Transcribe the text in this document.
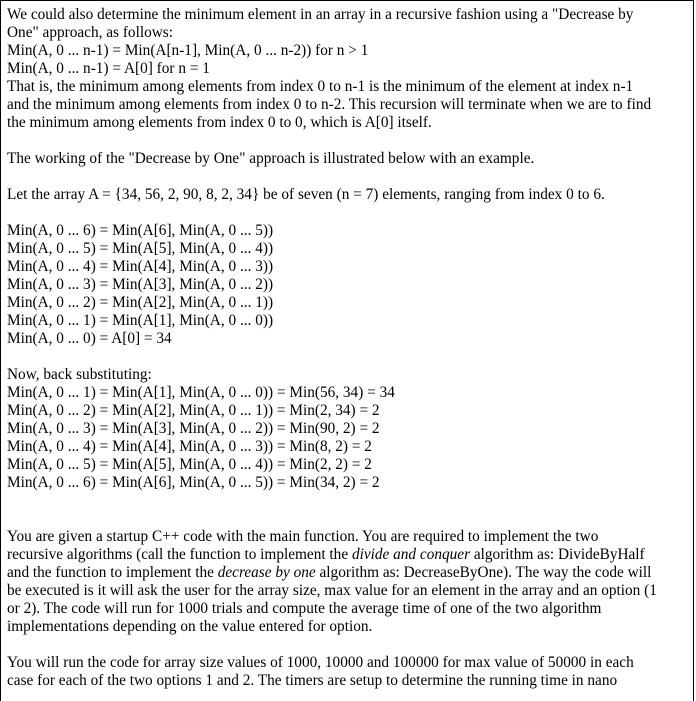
We could also determine the minimum element in an array in a recursive fashion using a "Decrease by
One" approach, as follows:
Min(A, 0 ... n-1) = Min(A[n-1], Min(A, 0 ... n-2)) for n > 1
Min(A, 0 ... n-1) = A[0] for n = 1
That is, the minimum among elements from index 0 to n-1 is the minimum of the element at index n-1
and the minimum among elements from index 0 to n-2. This recursion will terminate when we are to find
the minimum among elements from index 0 to 0, which is A[0] itself.
The working of the "Decrease by One" approach is illustrated below with an example.
Let the array A = {34, 56, 2, 90, 8, 2, 34} be of seven (n = 7) elements, ranging from index 0 to 6.
Min(A, 0 ... 6) = Min(A[6], Min(A, 0 ... 5))
Min(A, 0 ... 5) = Min(A[5], Min(A, 0 ... 4))
Min(A, 0 ... 4) = Min(A[4], Min(A, 0 ... 3))
Min(A, 0 ... 3) = Min(A[3], Min(A, 0 ... 2))
Min(A, 0 ... 2) = Min(A[2], Min(A, 0 ... 1))
Min(A, 0 ... 1) = Min(A[1], Min(A, 0 ... 0))
Min(A, 0 ... 0) = A[0] = 34
Now, back substituting:
Min(A, 0 ... 1) = Min(A[1], Min(A, 0 ... 0)) = Min(56, 34) = 34
Min(A, 0 ... 2) = Min(A[2], Min(A, 0 ... 1)) = Min(2, 34) = 2
Min(A, 0 ... 3) = Min(A[3], Min(A, 0 ... 2)) = Min(90, 2) = 2
Min(A, 0 ... 4) = Min(A[4], Min(A, 0 ... 3)) = Min(8, 2) = 2
Min(A, 0 ... 5) = Min(A[5], Min(A, 0 ... 4)) = Min(2, 2) = 2
Min(A, 0 ... 6) = Min(A[6], Min(A, 0 ... 5)) = Min(34, 2) = 2
You are given a startup C++ code with the main function. You are required to implement the two
recursive algorithms (call the function to implement the divide and conquer algorithm as: DivideByHalf
and the function to implement the decrease by one algorithm as: DecreaseByOne). The way the code will
be executed is it will ask the user for the array size, max value for an element in the array and an option (1
or 2). The code will run for 1000 trials and compute the average time of one of the two algorithm
implementations depending on the value entered for option.
You will run the code for array size values of 1000, 10000 and 100000 for max value of 50000 in each
case for each of the two options 1 and 2. The timers are setup to determine the running time in nano
